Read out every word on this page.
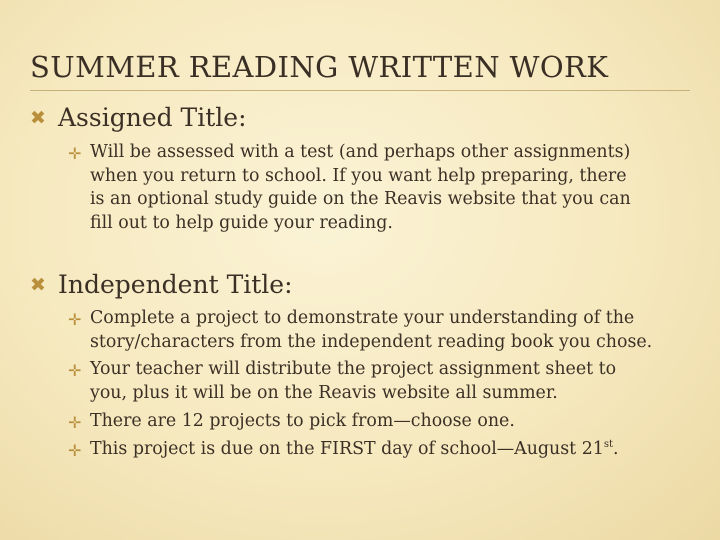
SUMMER READING WRITTEN WORK
✖ Assigned Title:
✛ Will be assessed with a test (and perhaps other assignments)
when you return to school. If you want help preparing, there
is an optional study guide on the Reavis website that you can
fill out to help guide your reading.
✖ Independent Title:
✛ Complete a project to demonstrate your understanding of the
story/characters from the independent reading book you chose.
✛ Your teacher will distribute the project assignment sheet to
you, plus it will be on the Reavis website all summer.
✛ There are 12 projects to pick from—choose one.
✛ This project is due on the FIRST day of school—August 21st.
